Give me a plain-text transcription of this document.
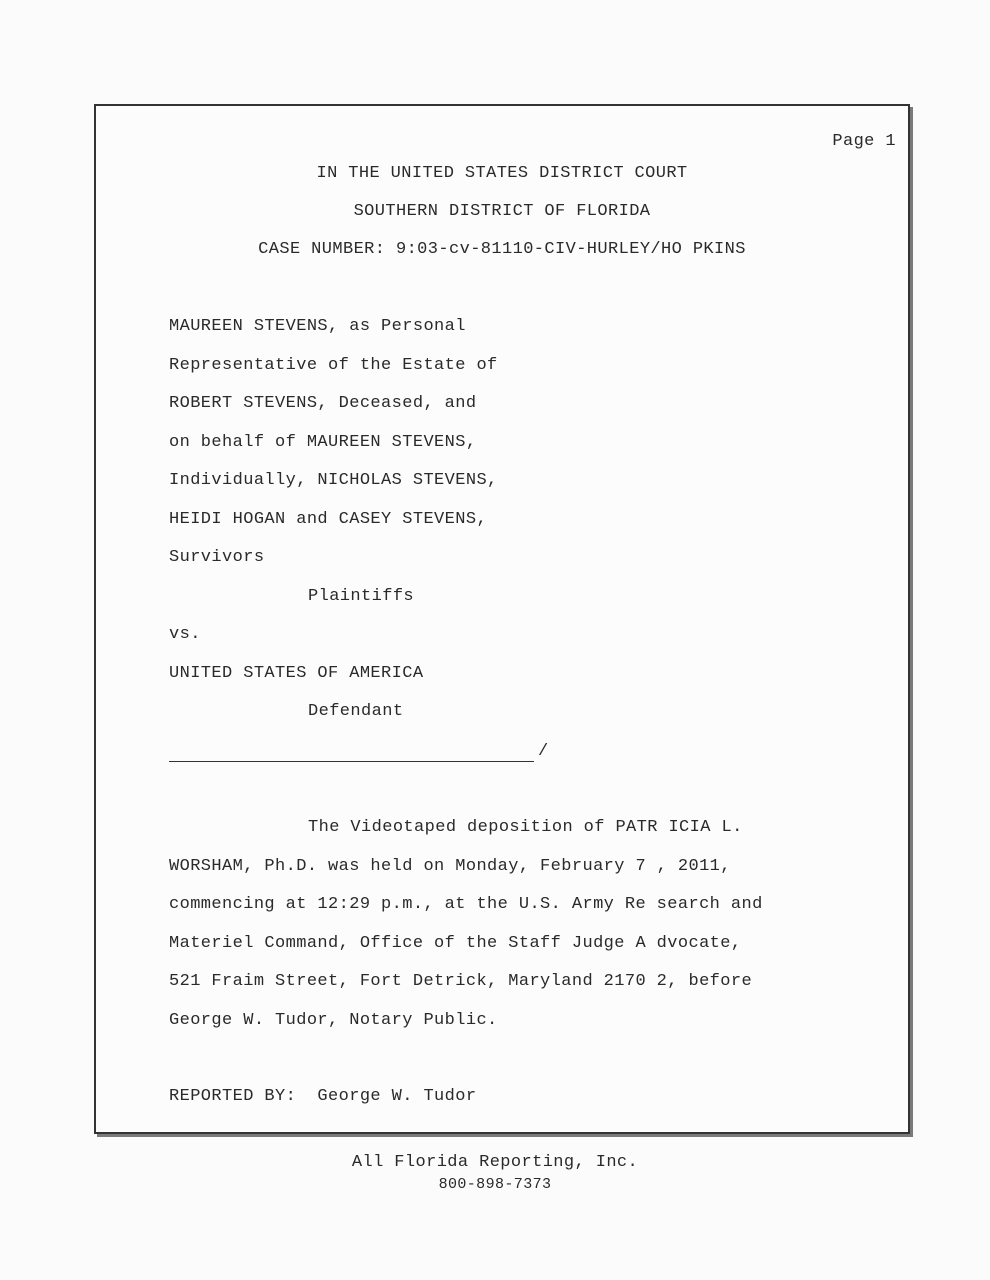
Page 1
IN THE UNITED STATES DISTRICT COURT
SOUTHERN DISTRICT OF FLORIDA
CASE NUMBER: 9:03-cv-81110-CIV-HURLEY/HO PKINS
MAUREEN STEVENS, as Personal
Representative of the Estate of
ROBERT STEVENS, Deceased, and
on behalf of MAUREEN STEVENS,
Individually, NICHOLAS STEVENS,
HEIDI HOGAN and CASEY STEVENS,
Survivors
Plaintiffs
vs.
UNITED STATES OF AMERICA
Defendant
/
The Videotaped deposition of PATR ICIA L.
WORSHAM, Ph.D. was held on Monday, February 7 , 2011,
commencing at 12:29 p.m., at the U.S. Army Re search and
Materiel Command, Office of the Staff Judge A dvocate,
521 Fraim Street, Fort Detrick, Maryland 2170 2, before
George W. Tudor, Notary Public.
REPORTED BY:  George W. Tudor
All Florida Reporting, Inc.
800-898-7373
